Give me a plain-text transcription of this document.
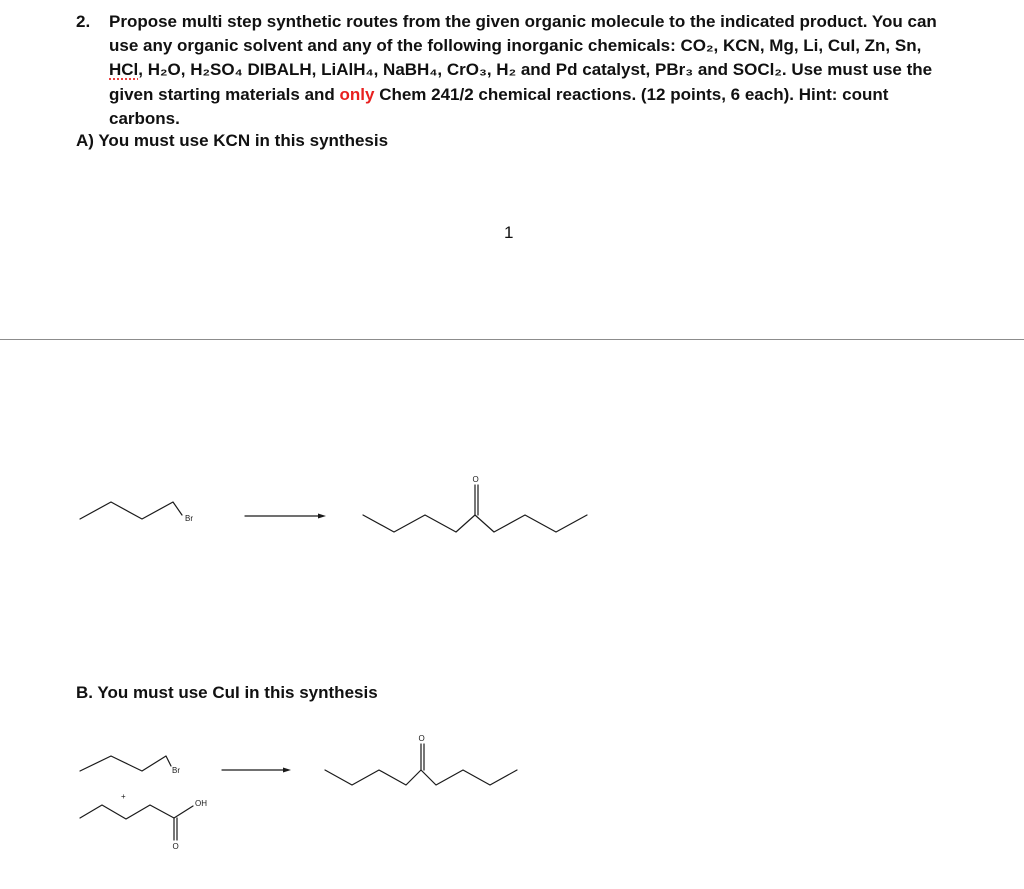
2.	Propose multi step synthetic routes from the given organic molecule to the indicated product. You can use any organic solvent and any of the following inorganic chemicals: CO₂, KCN, Mg, Li, CuI, Zn, Sn, HCl, H₂O, H₂SO₄ DIBALH, LiAlH₄, NaBH₄, CrO₃, H₂ and Pd catalyst, PBr₃ and SOCl₂. Use must use the given starting materials and only Chem 241/2 chemical reactions. (12 points, 6 each). Hint: count carbons.
A) You must use KCN in this synthesis
1
Br
O
B. You must use CuI in this synthesis
Br
+
OH
O
O
